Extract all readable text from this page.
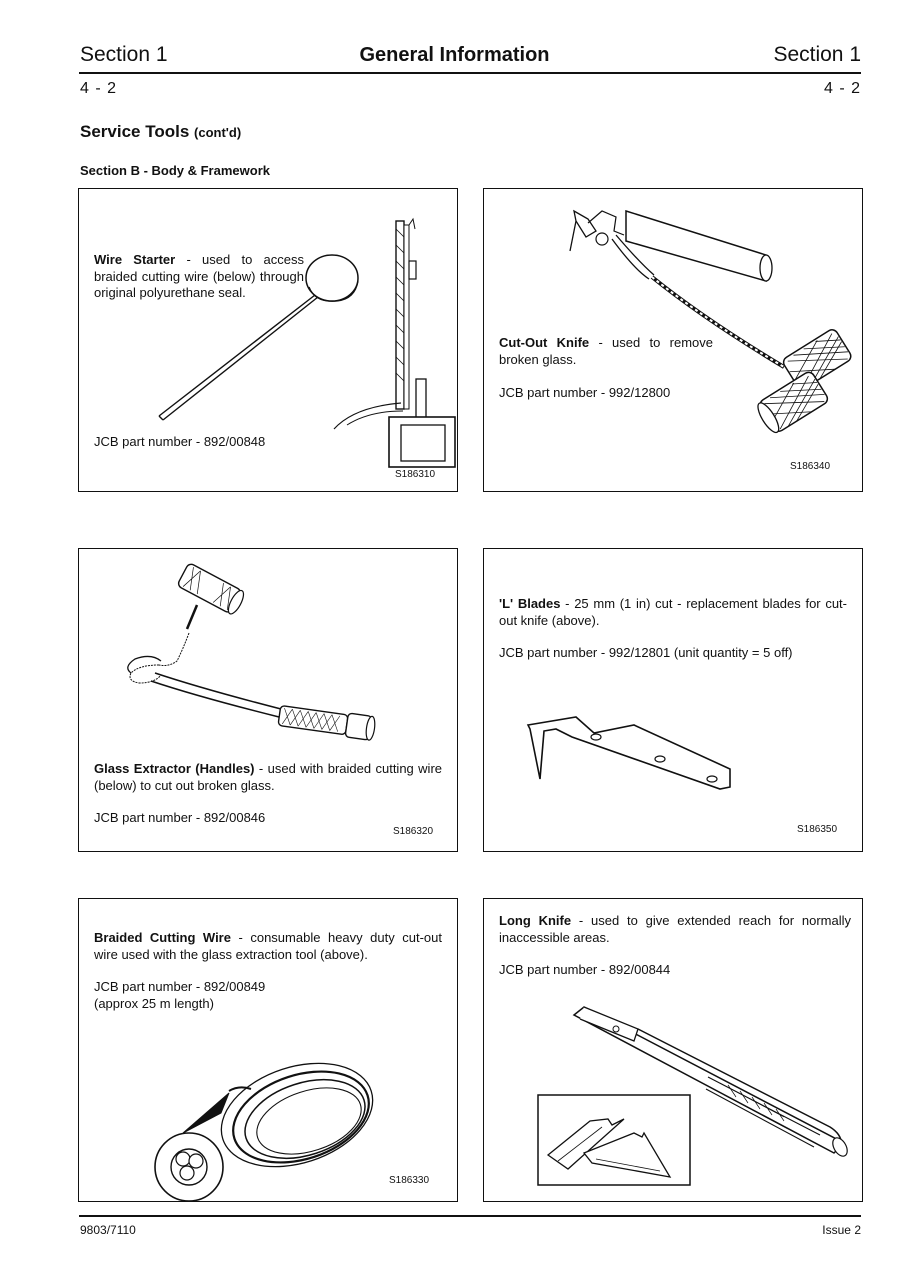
Section 1	General Information	Section 1
4 - 2	4 - 2
Service Tools (cont'd)
Section B - Body & Framework
Wire Starter - used to access braided cutting wire (below) through original polyurethane seal.
JCB part number - 892/00848
S186310
Cut-Out Knife - used to remove broken glass.
JCB part number - 992/12800
S186340
Glass Extractor (Handles) - used with braided cutting wire (below) to cut out broken glass.
JCB part number - 892/00846
S186320
'L' Blades - 25 mm (1 in) cut - replacement blades for cut-out knife (above).
JCB part number - 992/12801 (unit quantity = 5 off)
S186350
Braided Cutting Wire - consumable heavy duty cut-out wire used with the glass extraction tool (above).
JCB part number - 892/00849
(approx 25 m length)
S186330
Long Knife - used to give extended reach for normally inaccessible areas.
JCB part number - 892/00844
9803/7110	Issue 2
